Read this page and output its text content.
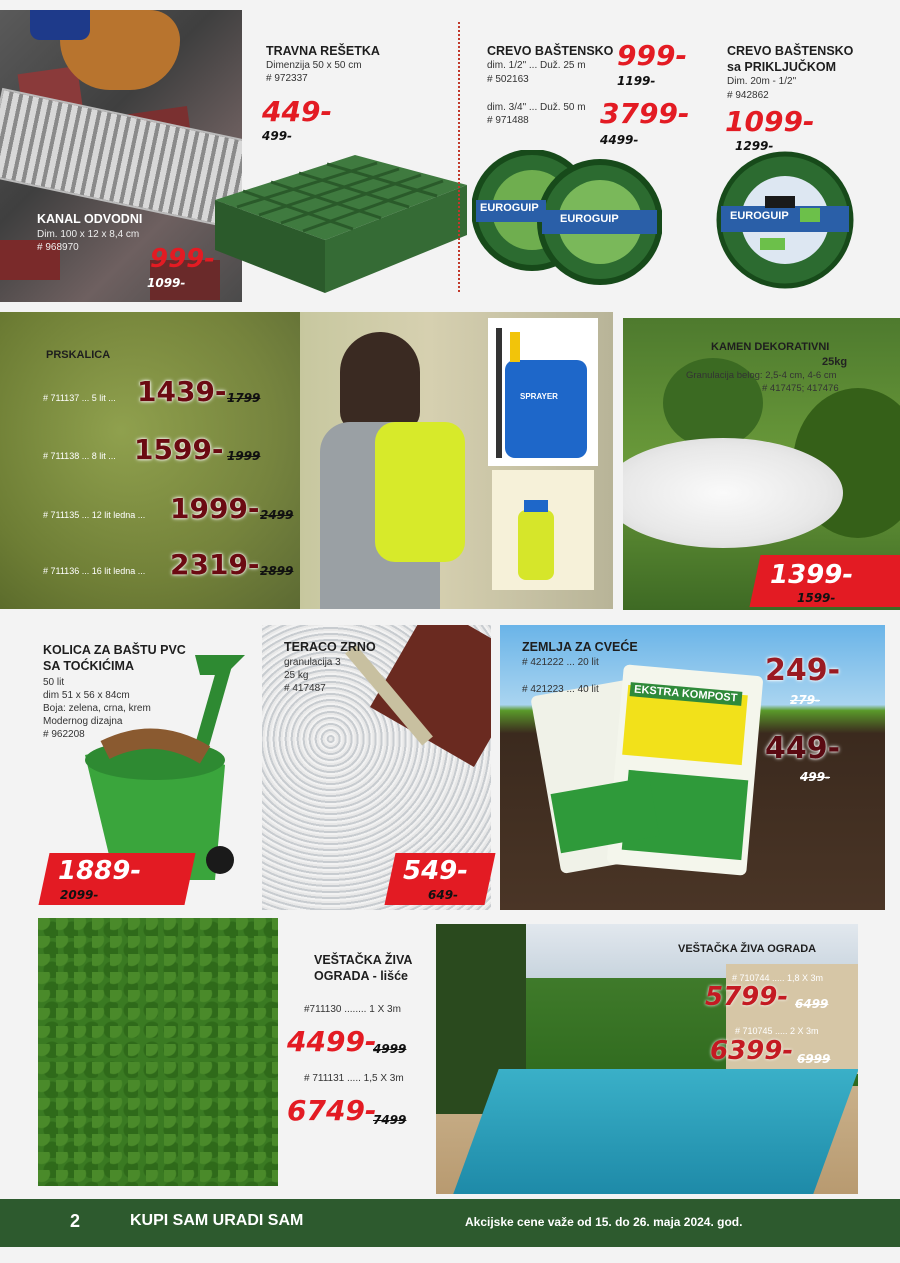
KANAL ODVODNI
Dim. 100 x 12 x 8,4 cm
# 968970	999-
1099-
TRAVNA REŠETKA
Dimenzija 50 x 50 cm
# 972337
449-
499-
CREVO BAŠTENSKO
dim. 1/2" ... Duž. 25 m
# 502163
999-
1199-
dim. 3/4" ... Duž. 50 m
# 971488	3799-
4499-
EUROGUIP
EUROGUIP
CREVO BAŠTENSKO
sa PRIKLJUČKOM
Dim. 20m - 1/2"
# 942862
1099-
1299-
EUROGUIP
SPRAYER
PRSKALICA
# 711137 ... 5 lit ... 1439- 1799
# 711138 ... 8 lit ... 1599- 1999
# 711135 ... 12 lit ledna ... 1999- 2499
# 711136 ... 16 lit ledna ... 2319- 2899
KAMEN DEKORATIVNI
25kg
Granulacija belog: 2,5-4 cm, 4-6 cm
# 417475; 417476
1399-
1599-
KOLICA ZA BAŠTU PVC
SA TOĆKIĆIMA
50 lit
dim 51 x 56 x 84cm
Boja: zelena, crna, krem
Modernog dizajna
# 962208
1889-
2099-
TERACO ZRNO
granulacija 3
25 kg
# 417487
549-
649-
EKSTRA KOMPOST
ZEMLJA ZA CVEĆE
# 421222 ... 20 lit
# 421223 ... 40 lit
249-
279-
449-
499-
VEŠTAČKA ŽIVA
OGRADA - lišće
#711130 ........ 1 X 3m
4499-
4999
# 711131 ..... 1,5 X 3m
6749-
7499
VEŠTAČKA ŽIVA OGRADA
# 710744 ..... 1,8 X 3m
5799- 6499
# 710745 ..... 2 X 3m
6399- 6999
2	KUPI SAM URADI SAM	Akcijske cene važe od 15. do 26. maja 2024. god.
